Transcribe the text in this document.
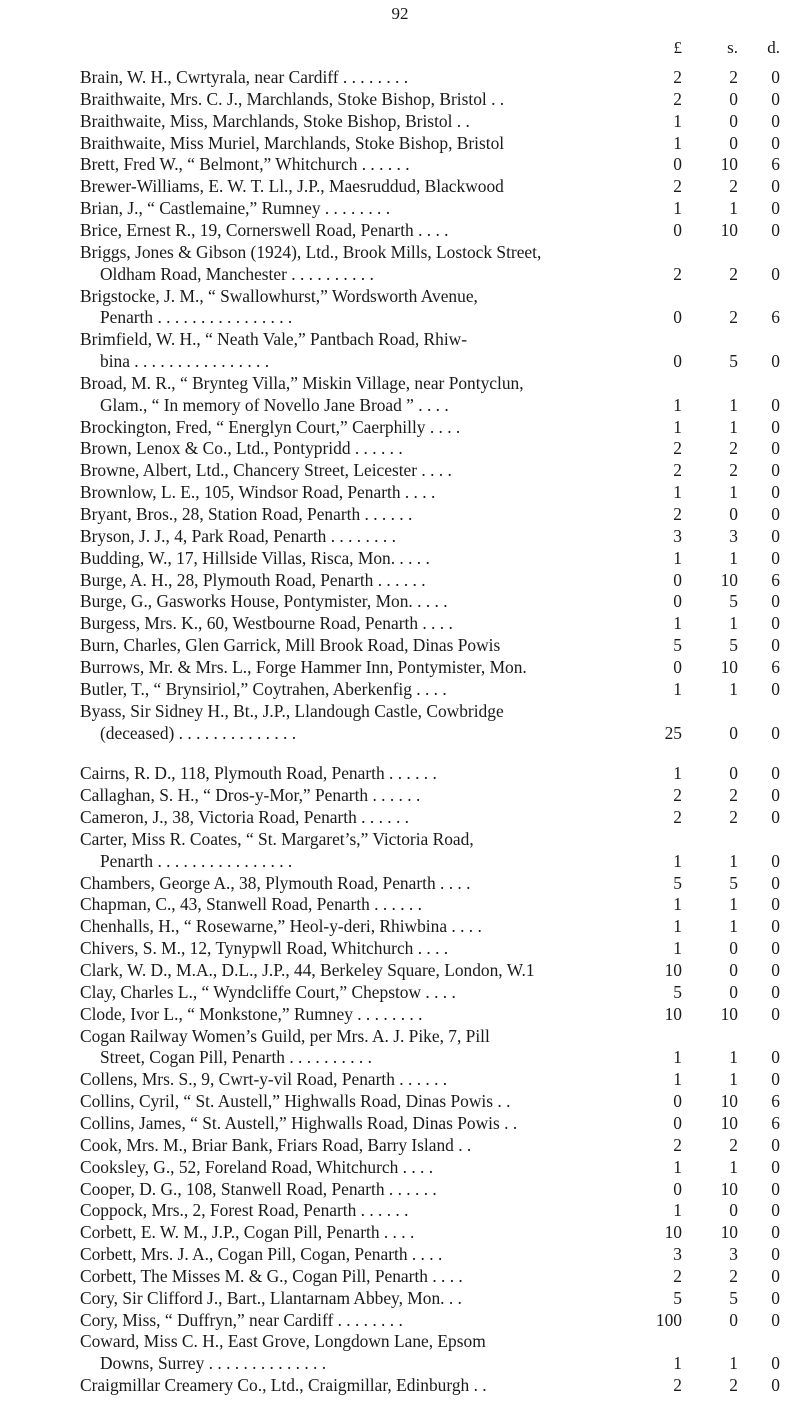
92
£	s.	d.
Brain, W. H., Cwrtyrala, near Cardiff . . . . . . . .	2	2	0
Braithwaite, Mrs. C. J., Marchlands, Stoke Bishop, Bristol . .	2	0	0
Braithwaite, Miss, Marchlands, Stoke Bishop, Bristol . .	1	0	0
Braithwaite, Miss Muriel, Marchlands, Stoke Bishop, Bristol	1	0	0
Brett, Fred W., “ Belmont,” Whitchurch . . . . . .	0	10	6
Brewer-Williams, E. W. T. Ll., J.P., Maesruddud, Blackwood	2	2	0
Brian, J., “ Castlemaine,” Rumney . . . . . . . .	1	1	0
Brice, Ernest R., 19, Cornerswell Road, Penarth . . . .	0	10	0
Briggs, Jones & Gibson (1924), Ltd., Brook Mills, Lostock Street,
Oldham Road, Manchester . . . . . . . . . .	2	2	0
Brigstocke, J. M., “ Swallowhurst,” Wordsworth Avenue,
Penarth . . . . . . . . . . . . . . . .	0	2	6
Brimfield, W. H., “ Neath Vale,” Pantbach Road, Rhiw-
bina . . . . . . . . . . . . . . . .	0	5	0
Broad, M. R., “ Brynteg Villa,” Miskin Village, near Pontyclun,
Glam., “ In memory of Novello Jane Broad ” . . . .	1	1	0
Brockington, Fred, “ Energlyn Court,” Caerphilly . . . .	1	1	0
Brown, Lenox & Co., Ltd., Pontypridd . . . . . .	2	2	0
Browne, Albert, Ltd., Chancery Street, Leicester . . . .	2	2	0
Brownlow, L. E., 105, Windsor Road, Penarth . . . .	1	1	0
Bryant, Bros., 28, Station Road, Penarth . . . . . .	2	0	0
Bryson, J. J., 4, Park Road, Penarth . . . . . . . .	3	3	0
Budding, W., 17, Hillside Villas, Risca, Mon. . . . .	1	1	0
Burge, A. H., 28, Plymouth Road, Penarth . . . . . .	0	10	6
Burge, G., Gasworks House, Pontymister, Mon. . . . .	0	5	0
Burgess, Mrs. K., 60, Westbourne Road, Penarth . . . .	1	1	0
Burn, Charles, Glen Garrick, Mill Brook Road, Dinas Powis	5	5	0
Burrows, Mr. & Mrs. L., Forge Hammer Inn, Pontymister, Mon.	0	10	6
Butler, T., “ Brynsiriol,” Coytrahen, Aberkenfig . . . .	1	1	0
Byass, Sir Sidney H., Bt., J.P., Llandough Castle, Cowbridge
(deceased) . . . . . . . . . . . . . .	25	0	0
Cairns, R. D., 118, Plymouth Road, Penarth . . . . . .	1	0	0
Callaghan, S. H., “ Dros-y-Mor,” Penarth . . . . . .	2	2	0
Cameron, J., 38, Victoria Road, Penarth . . . . . .	2	2	0
Carter, Miss R. Coates, “ St. Margaret’s,” Victoria Road,
Penarth . . . . . . . . . . . . . . . .	1	1	0
Chambers, George A., 38, Plymouth Road, Penarth . . . .	5	5	0
Chapman, C., 43, Stanwell Road, Penarth . . . . . .	1	1	0
Chenhalls, H., “ Rosewarne,” Heol-y-deri, Rhiwbina . . . .	1	1	0
Chivers, S. M., 12, Tynypwll Road, Whitchurch . . . .	1	0	0
Clark, W. D., M.A., D.L., J.P., 44, Berkeley Square, London, W.1	10	0	0
Clay, Charles L., “ Wyndcliffe Court,” Chepstow . . . .	5	0	0
Clode, Ivor L., “ Monkstone,” Rumney . . . . . . . .	10	10	0
Cogan Railway Women’s Guild, per Mrs. A. J. Pike, 7, Pill
Street, Cogan Pill, Penarth . . . . . . . . . .	1	1	0
Collens, Mrs. S., 9, Cwrt-y-vil Road, Penarth . . . . . .	1	1	0
Collins, Cyril, “ St. Austell,” Highwalls Road, Dinas Powis . .	0	10	6
Collins, James, “ St. Austell,” Highwalls Road, Dinas Powis . .	0	10	6
Cook, Mrs. M., Briar Bank, Friars Road, Barry Island . .	2	2	0
Cooksley, G., 52, Foreland Road, Whitchurch . . . .	1	1	0
Cooper, D. G., 108, Stanwell Road, Penarth . . . . . .	0	10	0
Coppock, Mrs., 2, Forest Road, Penarth . . . . . .	1	0	0
Corbett, E. W. M., J.P., Cogan Pill, Penarth . . . .	10	10	0
Corbett, Mrs. J. A., Cogan Pill, Cogan, Penarth . . . .	3	3	0
Corbett, The Misses M. & G., Cogan Pill, Penarth . . . .	2	2	0
Cory, Sir Clifford J., Bart., Llantarnam Abbey, Mon. . .	5	5	0
Cory, Miss, “ Duffryn,” near Cardiff . . . . . . . .	100	0	0
Coward, Miss C. H., East Grove, Longdown Lane, Epsom
Downs, Surrey . . . . . . . . . . . . . .	1	1	0
Craigmillar Creamery Co., Ltd., Craigmillar, Edinburgh . .	2	2	0
